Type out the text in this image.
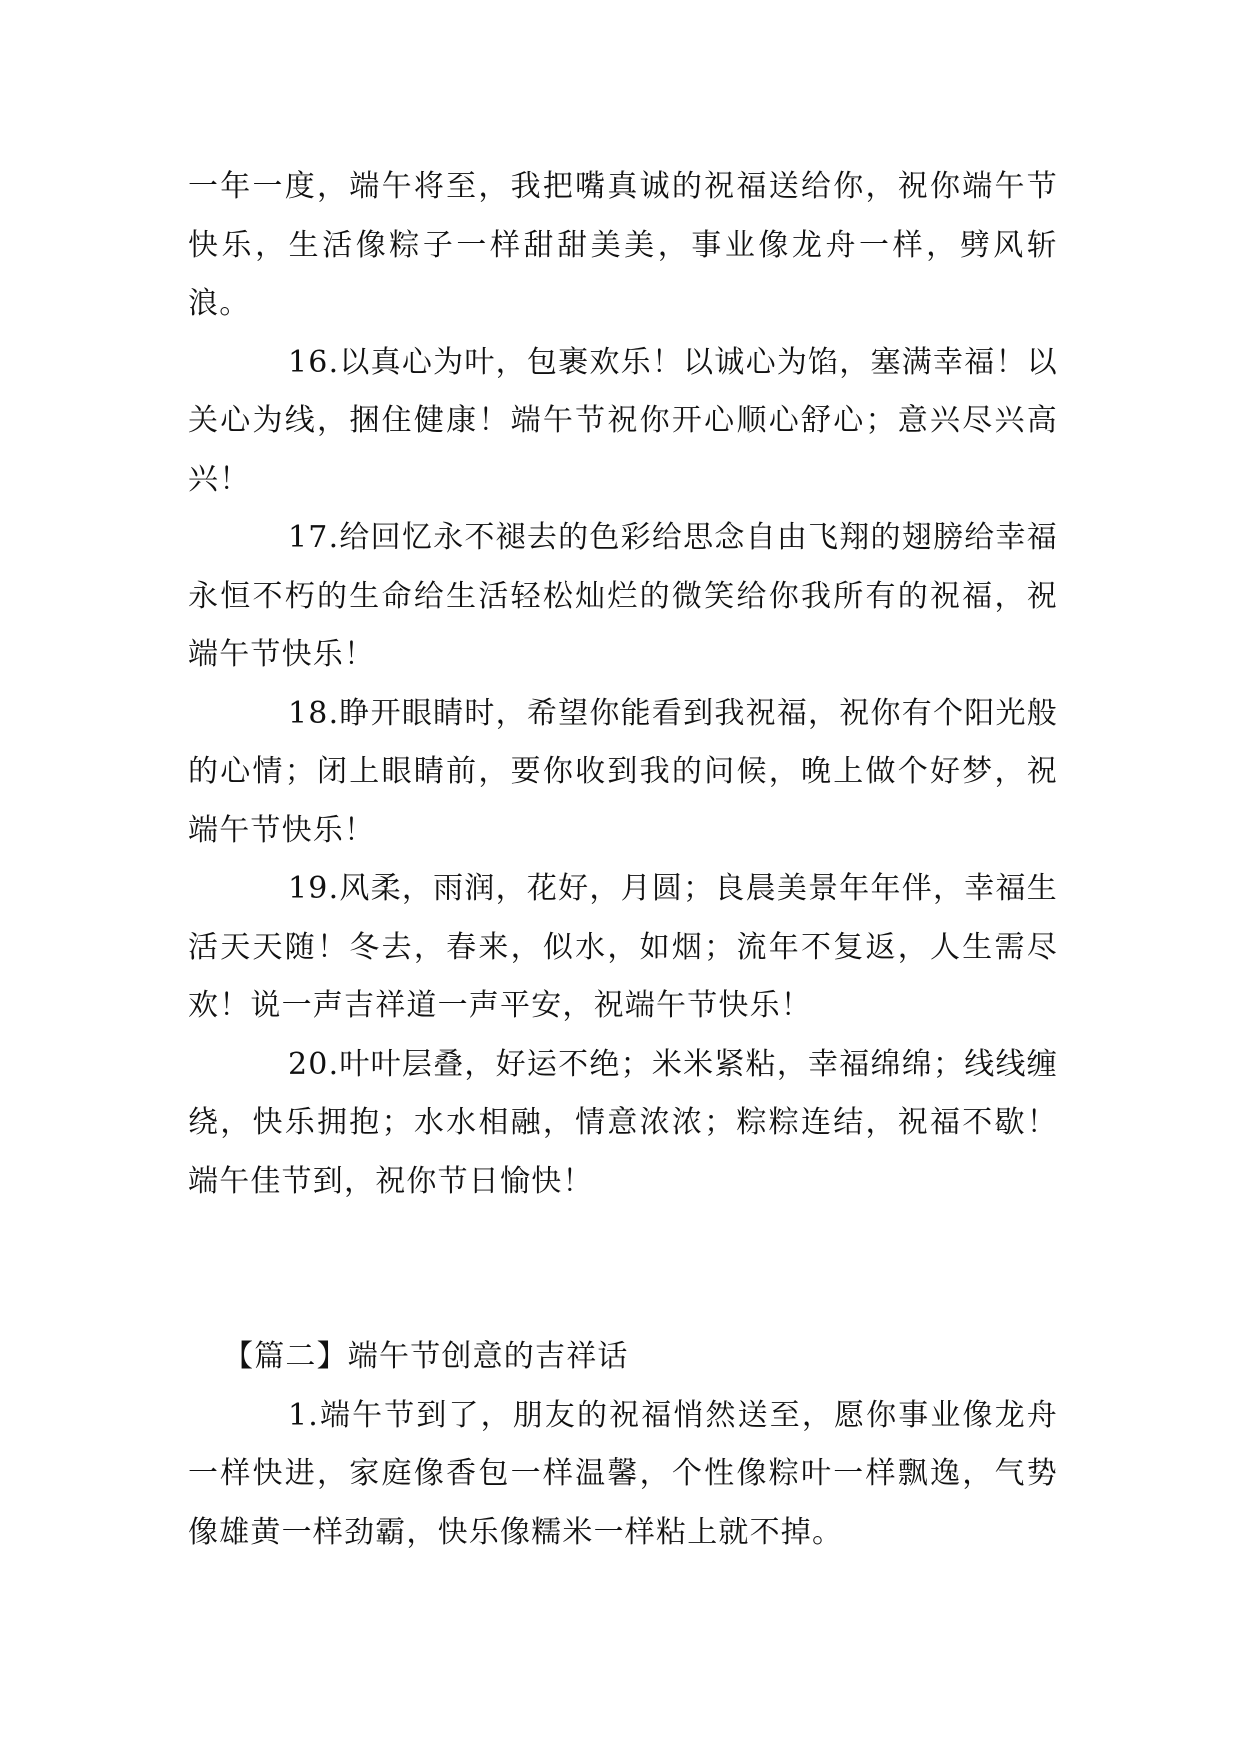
一年一度，端午将至，我把嘴真诚的祝福送给你，祝你端午节快乐，生活像粽子一样甜甜美美，事业像龙舟一样，劈风斩浪。

16.以真心为叶，包裹欢乐！以诚心为馅，塞满幸福！以关心为线，捆住健康！端午节祝你开心顺心舒心；意兴尽兴高兴！

17.给回忆永不褪去的色彩给思念自由飞翔的翅膀给幸福永恒不朽的生命给生活轻松灿烂的微笑给你我所有的祝福，祝端午节快乐！

18.睁开眼睛时，希望你能看到我祝福，祝你有个阳光般的心情；闭上眼睛前，要你收到我的问候，晚上做个好梦，祝端午节快乐！

19.风柔，雨润，花好，月圆；良晨美景年年伴，幸福生活天天随！冬去，春来，似水，如烟；流年不复返，人生需尽欢！说一声吉祥道一声平安，祝端午节快乐！

20.叶叶层叠，好运不绝；米米紧粘，幸福绵绵；线线缠绕，快乐拥抱；水水相融，情意浓浓；粽粽连结，祝福不歇！端午佳节到，祝你节日愉快！

【篇二】端午节创意的吉祥话

1.端午节到了，朋友的祝福悄然送至，愿你事业像龙舟一样快进，家庭像香包一样温馨，个性像粽叶一样飘逸，气势像雄黄一样劲霸，快乐像糯米一样粘上就不掉。
